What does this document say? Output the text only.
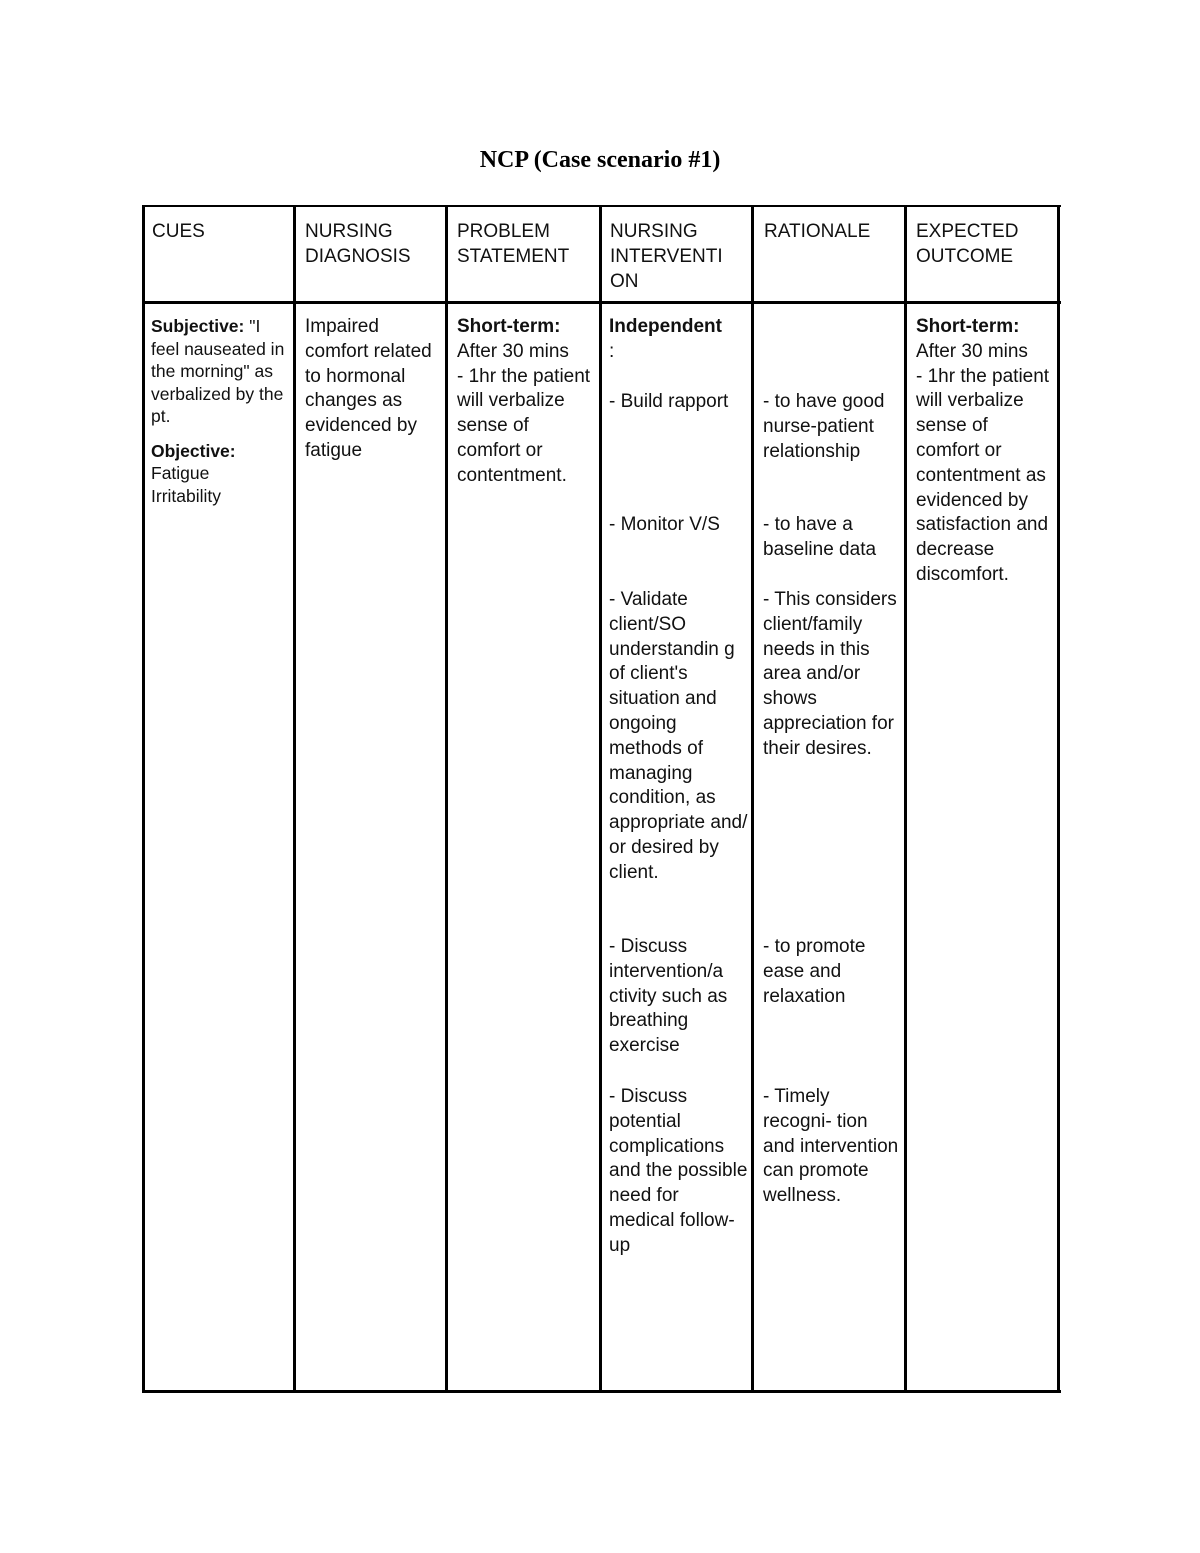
NCP (Case scenario #1)
CUES	NURSING
DIAGNOSIS
PROBLEM
STATEMENT
NURSING
INTERVENTI
ON
RATIONALE EXPECTED
OUTCOME
Subjective: "I feel nauseated in the morning" as verbalized by the pt.
Objective:
Fatigue
Irritability
Impaired comfort related to hormonal changes as evidenced by fatigue
Short-term:
After 30 mins
- 1hr the patient will verbalize sense of comfort or contentment.
Independent
:
- Build rapport
- Monitor V/S
- Validate client/SO understandin g of client's situation and ongoing methods of managing condition, as appropriate and/ or desired by client.
- Discuss intervention/a ctivity such as breathing exercise
- Discuss potential complications and the possible need for medical follow-up
- to have good nurse-patient relationship
- to have a baseline data
- This considers client/family needs in this area and/or shows appreciation for their desires.
- to promote ease and relaxation
- Timely recogni- tion and intervention can promote wellness.
Short-term:
After 30 mins
- 1hr the patient will verbalize sense of comfort or contentment as evidenced by satisfaction and decrease discomfort.
